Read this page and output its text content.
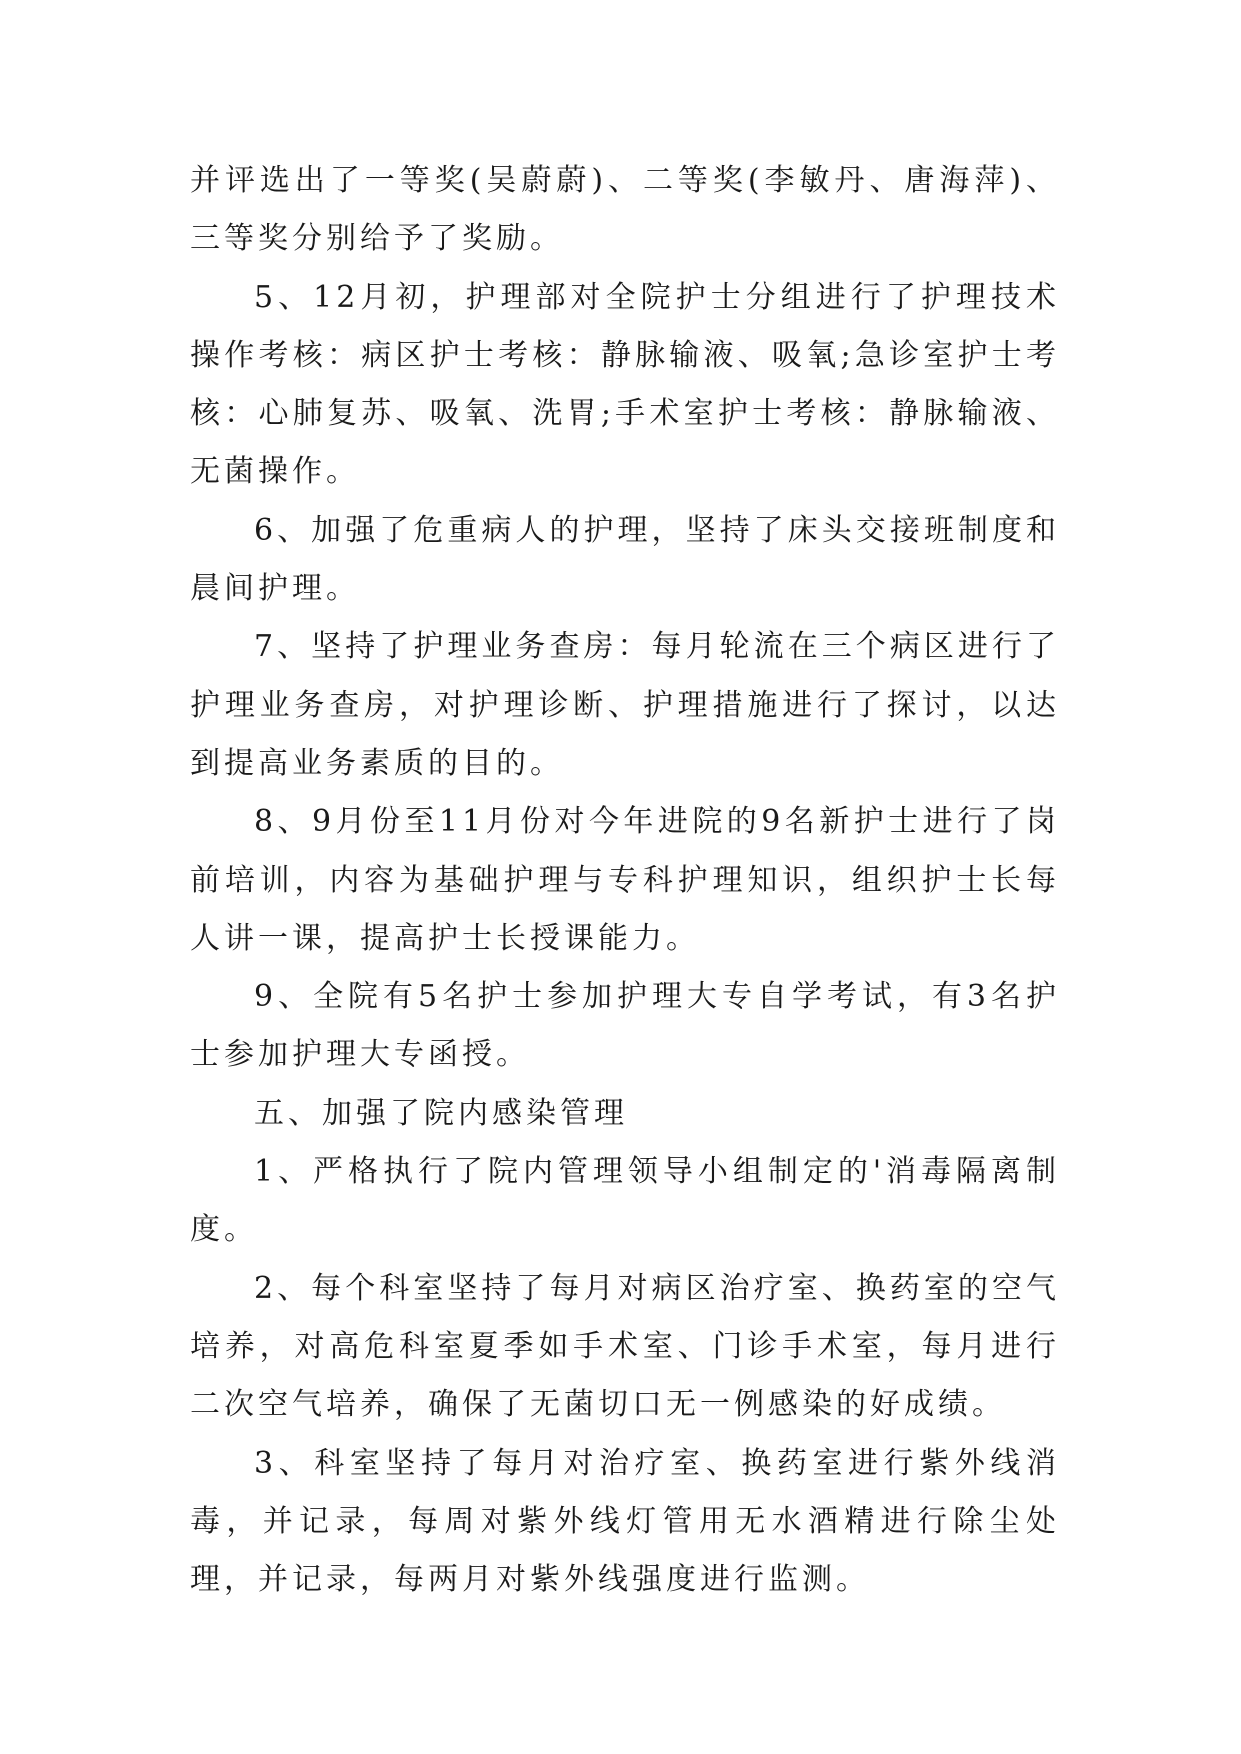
并评选出了一等奖(吴蔚蔚)、二等奖(李敏丹、唐海萍)、三等奖分别给予了奖励。

5、12月初，护理部对全院护士分组进行了护理技术操作考核：病区护士考核：静脉输液、吸氧;急诊室护士考核：心肺复苏、吸氧、洗胃;手术室护士考核：静脉输液、无菌操作。

6、加强了危重病人的护理，坚持了床头交接班制度和晨间护理。

7、坚持了护理业务查房：每月轮流在三个病区进行了护理业务查房，对护理诊断、护理措施进行了探讨，以达到提高业务素质的目的。

8、9月份至11月份对今年进院的9名新护士进行了岗前培训，内容为基础护理与专科护理知识，组织护士长每人讲一课，提高护士长授课能力。

9、全院有5名护士参加护理大专自学考试，有3名护士参加护理大专函授。

五、加强了院内感染管理

1、严格执行了院内管理领导小组制定的'消毒隔离制度。

2、每个科室坚持了每月对病区治疗室、换药室的空气培养，对高危科室夏季如手术室、门诊手术室，每月进行二次空气培养，确保了无菌切口无一例感染的好成绩。

3、科室坚持了每月对治疗室、换药室进行紫外线消毒，并记录，每周对紫外线灯管用无水酒精进行除尘处理，并记录，每两月对紫外线强度进行监测。
